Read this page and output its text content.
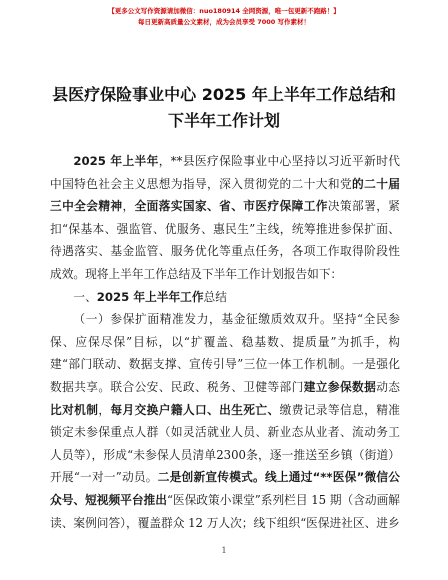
【更多公文写作资源请加微信：nuo180914 全网资源，唯一包更新不跑路！】
每日更新高质量公文素材，成为会员享受 7000 写作素材！
县医疗保险事业中心 2025 年上半年工作总结和
下半年工作计划

2025 年上半年，**县医疗保险事业中心坚持以习近平新时代中国特色社会主义思想为指导，深入贯彻党的二十大和党的二十届三中全会精神，全面落实国家、省、市医疗保障工作决策部署，紧扣“保基本、强监管、优服务、惠民生”主线，统筹推进参保扩面、待遇落实、基金监管、服务优化等重点任务，各项工作取得阶段性成效。现将上半年工作总结及下半年工作计划报告如下：

一、2025 年上半年工作总结

（一）参保扩面精准发力，基金征缴质效双升。坚持“全民参保、应保尽保”目标，以“扩覆盖、稳基数、提质量”为抓手，构建“部门联动、数据支撑、宣传引导”三位一体工作机制。一是强化数据共享。联合公安、民政、税务、卫健等部门建立参保数据动态比对机制，每月交换户籍人口、出生死亡、缴费记录等信息，精准锁定未参保重点人群（如灵活就业人员、新业态从业者、流动务工人员等），形成“未参保人员清单2300条，逐一推送至乡镇（街道）开展“一对一”动员。二是创新宣传模式。线上通过“**医保”微信公众号、短视频平台推出“医保政策小课堂”系列栏目 15 期（含动画解读、案例问答），覆盖群众 12 万人次；线下组织“医保进社区、进乡

1
